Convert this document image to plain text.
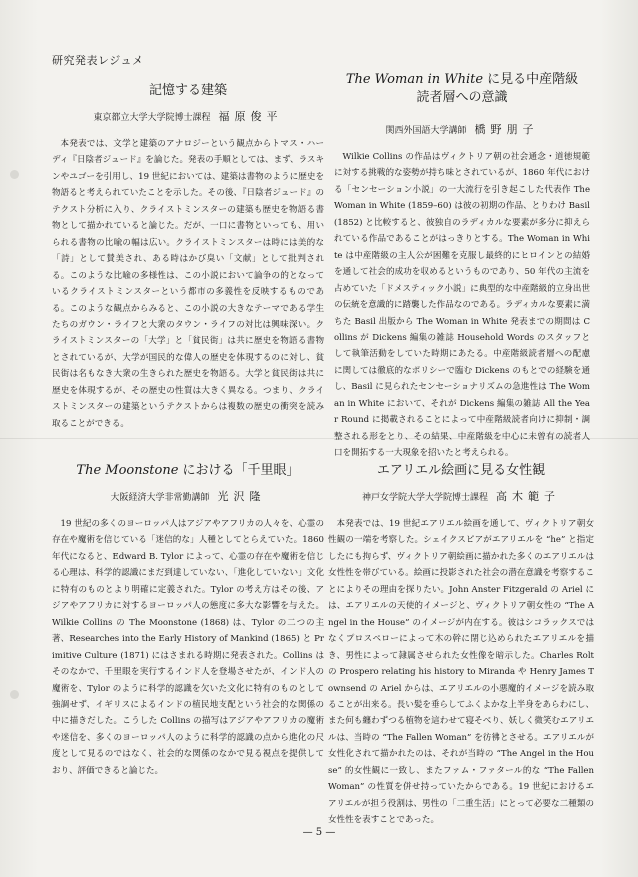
研究発表レジュメ
記憶する建築
東京都立大学大学院博士課程 福原俊平
本発表では、文学と建築のアナロジーという観点からトマス・ハーディ『日陰者ジュード』を論じた。発表の手順としては、まず、ラスキンやユゴーを引用し、19 世紀においては、建築は書物のように歴史を物語ると考えられていたことを示した。その後、『日陰者ジュード』のテクスト分析に入り、クライストミンスターの建築も歴史を物語る書物として描かれていると論じた。だが、一口に書物といっても、用いられる書物の比喩の幅は広い。クライストミンスターは時には美的な「詩」として賛美され、ある時はかび臭い「文献」として批判される。このような比喩の多様性は、この小説において論争の的となっているクライストミンスターという都市の多義性を反映するものである。このような観点からみると、この小説の大きなテーマである学生たちのガウン・ライフと大衆のタウン・ライフの対比は興味深い。クライストミンスターの「大学」と「貧民街」は共に歴史を物語る書物とされているが、大学が国民的な偉人の歴史を体現するのに対し、貧民街は名もなき大衆の生きられた歴史を物語る。大学と貧民街は共に歴史を体現するが、その歴史の性質は大きく異なる。つまり、クライストミンスターの建築というテクストからは複数の歴史の衝突を読み取ることができる。
The Woman in White に見る中産階級
読者層への意識
関西外国語大学講師 橋野朋子
Wilkie Collins の作品はヴィクトリア朝の社会通念・道徳規範に対する挑戦的な姿勢が持ち味とされているが、1860 年代における「センセーション小説」の一大流行を引き起こした代表作 The Woman in White (1859–60) は彼の初期の作品、とりわけ Basil (1852) と比較すると、彼独自のラディカルな要素が多分に抑えられている作品であることがはっきりとする。The Woman in White は中産階級の主人公が困難を克服し最終的にヒロインとの結婚を通して社会的成功を収めるというものであり、50 年代の主流を占めていた「ドメスティック小説」に典型的な中産階級的立身出世の伝統を意識的に踏襲した作品なのである。ラディカルな要素に満ちた Basil 出版から The Woman in White 発表までの期間は Collins が Dickens 編集の雑誌 Household Words のスタッフとして執筆活動をしていた時期にあたる。中産階級読者層への配慮に関しては徹底的なポリシーで臨む Dickens のもとでの経験を通し、Basil に見られたセンセーショナリズムの急進性は The Woman in White において、それが Dickens 編集の雑誌 All the Year Round に掲載されることによって中産階級読者向けに抑制・調整される形をとり、その結果、中産階級を中心に未曾有の読者人口を開拓する一大現象を招いたと考えられる。
The Moonstone における「千里眼」
大阪経済大学非常勤講師 光沢隆
19 世紀の多くのヨーロッパ人はアジアやアフリカの人々を、心霊の存在や魔術を信じている「迷信的な」人種としてとらえていた。1860 年代になると、Edward B. Tylor によって、心霊の存在や魔術を信じる心理は、科学的認識にまだ到達していない、「進化していない」文化に特有のものとより明確に定義された。Tylor の考え方はその後、アジアやアフリカに対するヨーロッパ人の態度に多大な影響を与えた。Wilkie Collins の The Moonstone (1868) は、Tylor の二つの主著、Researches into the Early History of Mankind (1865) と Primitive Culture (1871) にはさまれる時期に発表された。Collins はそのなかで、千里眼を実行するインド人を登場させたが、インド人の魔術を、Tylor のように科学的認識を欠いた文化に特有のものとして強調せず、イギリスによるインドの植民地支配という社会的な関係の中に描きだした。こうした Collins の描写はアジアやアフリカの魔術や迷信を、多くのヨーロッパ人のように科学的認識の点から進化の尺度として見るのではなく、社会的な関係のなかで見る視点を提供しており、評価できると論じた。
エアリエル絵画に見る女性観
神戸女学院大学大学院博士課程 高木範子
本発表では、19 世紀エアリエル絵画を通して、ヴィクトリア朝女性観の一端を考察した。シェイクスピアがエアリエルを “he” と指定したにも拘らず、ヴィクトリア朝絵画に描かれた多くのエアリエルは女性性を帯びている。絵画に投影された社会の潜在意識を考察することによりその理由を探りたい。John Anster Fitzgerald の Ariel には、エアリエルの天使的イメージと、ヴィクトリア朝女性の “The Angel in the House” のイメージが内在する。彼はシコラックスではなくプロスペローによって木の幹に閉じ込められたエアリエルを描き、男性によって隷属させられた女性像を暗示した。Charles Rolt の Prospero relating his history to Miranda や Henry James Townsend の Ariel からは、エアリエルの小悪魔的イメージを読み取ることが出来る。長い髪を垂らしてふくよかな上半身をあらわにし、また何も纏わずつる植物を這わせて寝そべり、妖しく微笑むエアリエルは、当時の “The Fallen Woman” を彷彿とさせる。エアリエルが女性化されて描かれたのは、それが当時の “The Angel in the House” 的女性観に一致し、またファム・ファタール的な “The Fallen Woman” の性質を併せ持っていたからである。19 世紀におけるエアリエルが担う役割は、男性の「二重生活」にとって必要な二種類の女性性を表すことであった。
— 5 —
